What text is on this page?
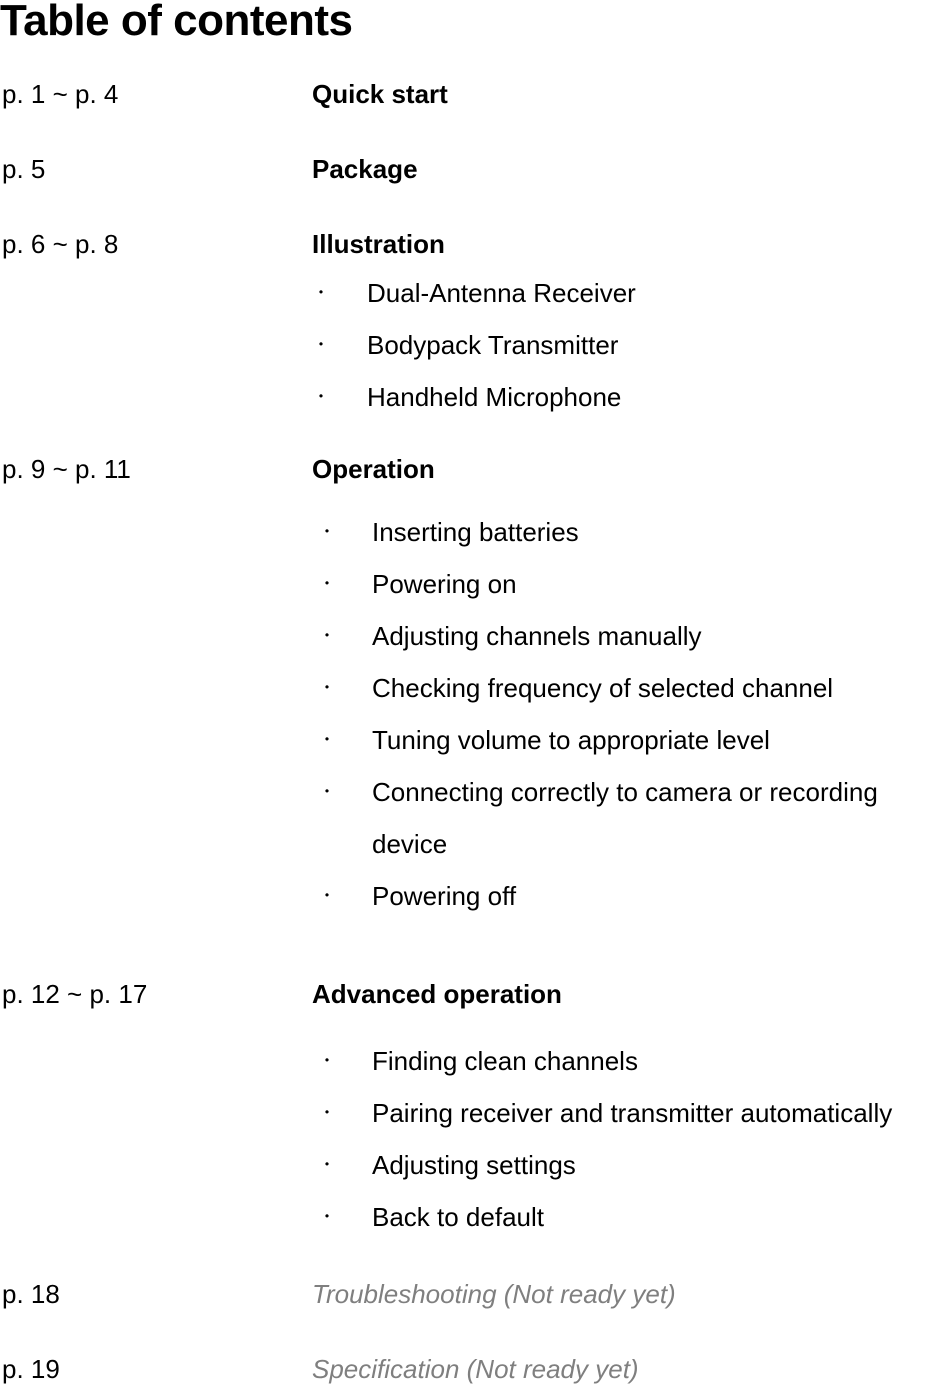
Table of contents
p. 1 ~ p. 4	Quick start
p. 5	Package
p. 6 ~ p. 8	Illustration
・ Dual-Antenna Receiver
・ Bodypack Transmitter
・ Handheld Microphone
p. 9 ~ p. 11	Operation
・ Inserting batteries
・ Powering on
・ Adjusting channels manually
・ Checking frequency of selected channel
・ Tuning volume to appropriate level
・ Connecting correctly to camera or recording device
・ Powering off
p. 12 ~ p. 17	Advanced operation
・ Finding clean channels
・ Pairing receiver and transmitter automatically
・ Adjusting settings
・ Back to default
p. 18	Troubleshooting (Not ready yet)
p. 19	Specification (Not ready yet)
